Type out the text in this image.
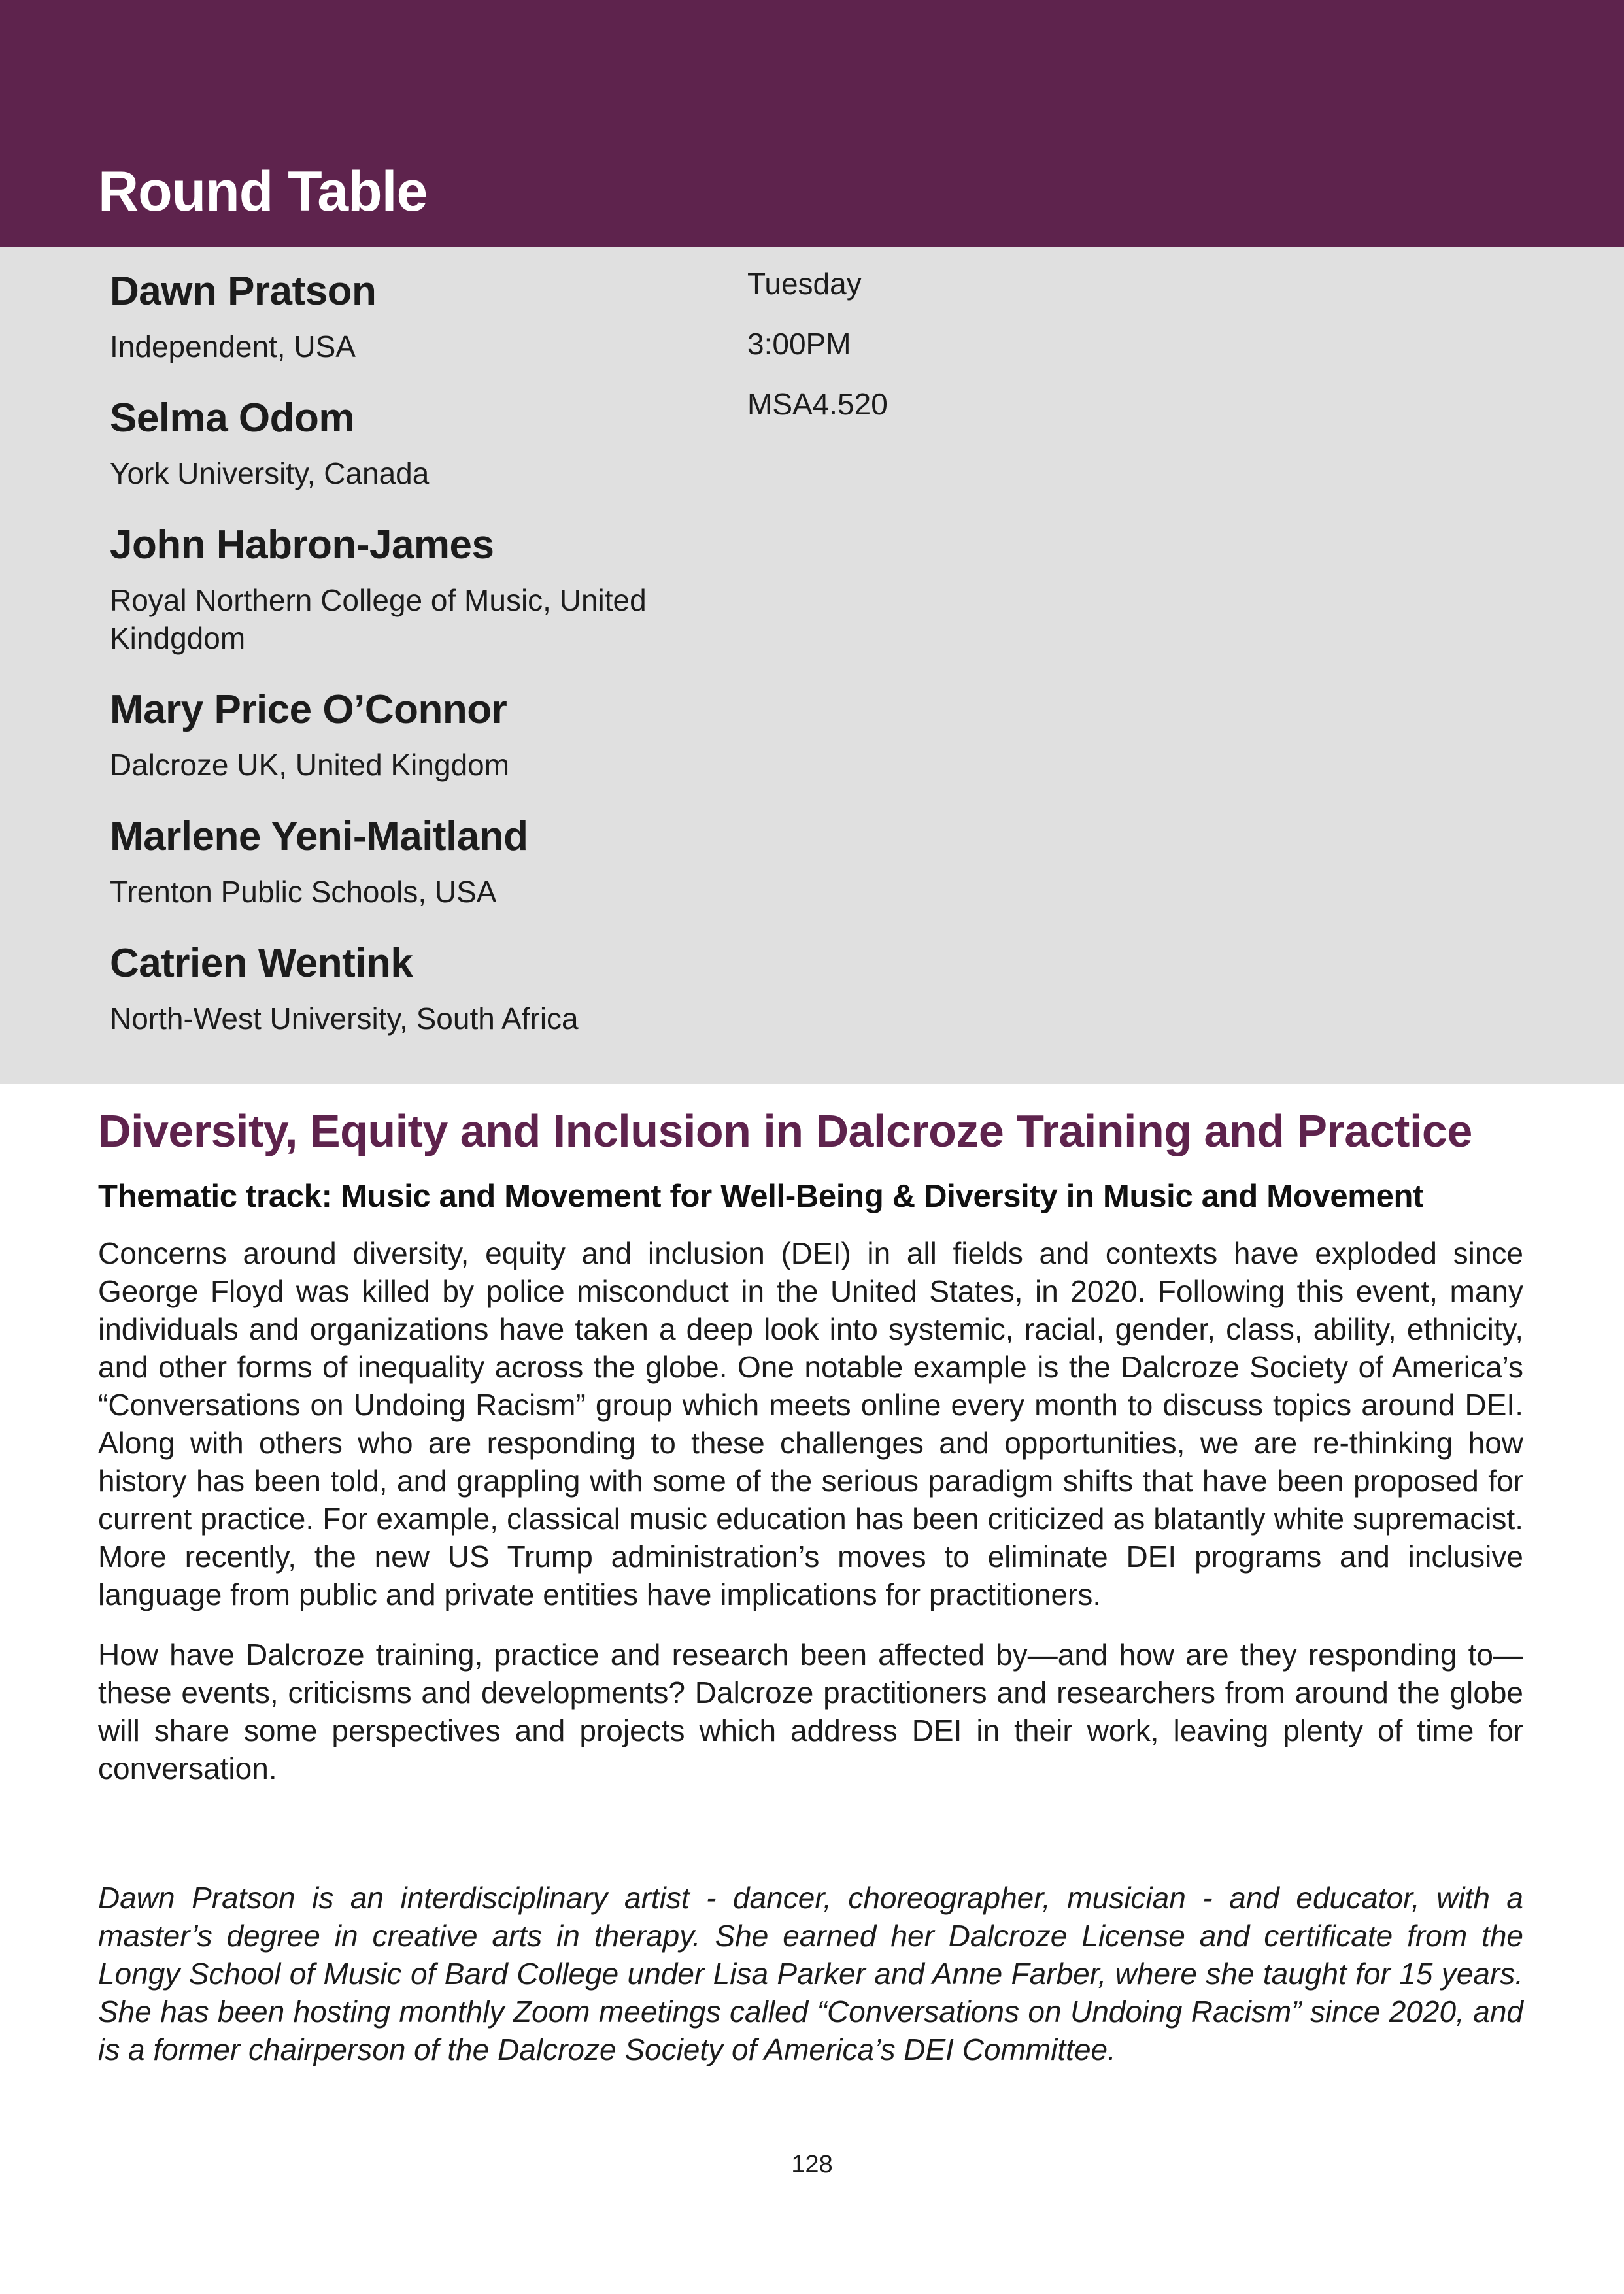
Round Table

Dawn Pratson

Independent, USA

Selma Odom

York University, Canada

John Habron-James

Royal Northern College of Music, United Kindgdom

Mary Price O’Connor

Dalcroze UK, United Kingdom

Marlene Yeni-Maitland

Trenton Public Schools, USA

Catrien Wentink

North-West University, South Africa

Tuesday

3:00PM

MSA4.520

Diversity, Equity and Inclusion in Dalcroze Training and Practice

Thematic track: Music and Movement for Well-Being & Diversity in Music and Movement

Concerns around diversity, equity and inclusion (DEI) in all fields and contexts have exploded since George Floyd was killed by police misconduct in the United States, in 2020. Following this event, many individuals and organizations have taken a deep look into systemic, racial, gender, class, ability, ethnicity, and other forms of inequality across the globe. One notable example is the Dalcroze Society of America’s “Conversations on Undoing Racism” group which meets online every month to discuss topics around DEI. Along with others who are responding to these challenges and opportunities, we are re-thinking how history has been told, and grappling with some of the serious paradigm shifts that have been proposed for current practice. For example, classical music education has been criticized as blatantly white supremacist. More recently, the new US Trump administration’s moves to eliminate DEI programs and inclusive language from public and private entities have implications for practitioners.

How have Dalcroze training, practice and research been affected by—and how are they responding to—these events, criticisms and developments? Dalcroze practitioners and researchers from around the globe will share some perspectives and projects which address DEI in their work, leaving plenty of time for conversation.

Dawn Pratson is an interdisciplinary artist - dancer, choreographer, musician - and educator, with a master’s degree in creative arts in therapy. She earned her Dalcroze License and certificate from the Longy School of Music of Bard College under Lisa Parker and Anne Farber, where she taught for 15 years. She has been hosting monthly Zoom meetings called “Conversations on Undoing Racism” since 2020, and is a former chairperson of the Dalcroze Society of America’s DEI Committee.

128
